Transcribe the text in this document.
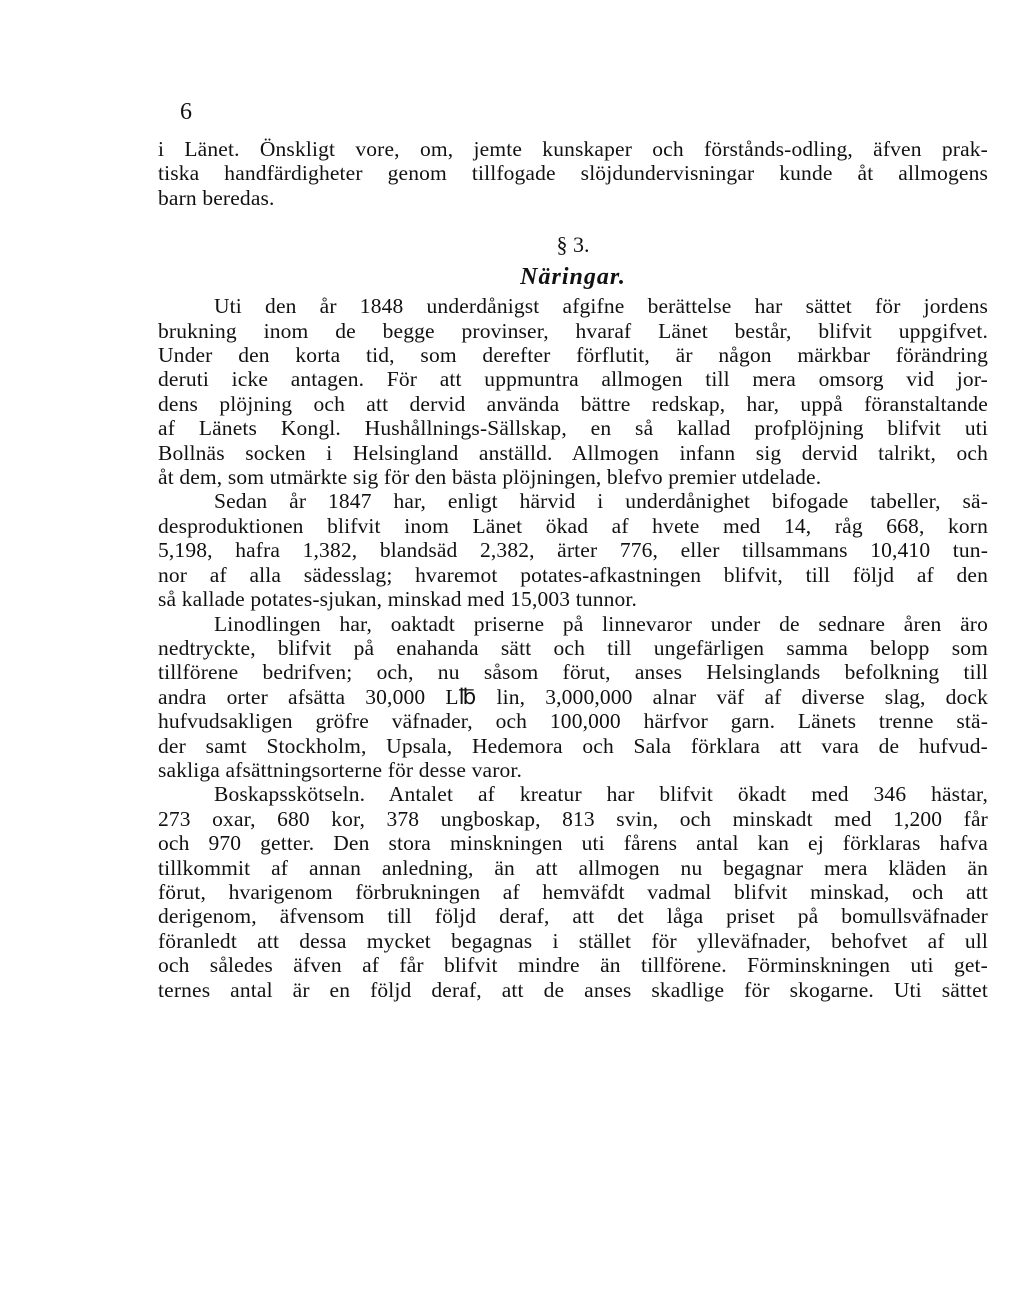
6
i Länet. Önskligt vore, om, jemte kunskaper och förstånds-odling, äfven prak-
tiska handfärdigheter genom tillfogade slöjdundervisningar kunde åt allmogens
barn beredas.
§ 3.
Näringar.
Uti den år 1848 underdånigst afgifne berättelse har sättet för jordens
brukning inom de begge provinser, hvaraf Länet består, blifvit uppgifvet.
Under den korta tid, som derefter förflutit, är någon märkbar förändring
deruti icke antagen. För att uppmuntra allmogen till mera omsorg vid jor-
dens plöjning och att dervid använda bättre redskap, har, uppå föranstaltande
af Länets Kongl. Hushållnings-Sällskap, en så kallad profplöjning blifvit uti
Bollnäs socken i Helsingland anställd. Allmogen infann sig dervid talrikt, och
åt dem, som utmärkte sig för den bästa plöjningen, blefvo premier utdelade.
Sedan år 1847 har, enligt härvid i underdånighet bifogade tabeller, sä-
desproduktionen blifvit inom Länet ökad af hvete med 14, råg 668, korn
5,198, hafra 1,382, blandsäd 2,382, ärter 776, eller tillsammans 10,410 tun-
nor af alla sädesslag; hvaremot potates-afkastningen blifvit, till följd af den
så kallade potates-sjukan, minskad med 15,003 tunnor.
Linodlingen har, oaktadt priserne på linnevaror under de sednare åren äro
nedtryckte, blifvit på enahanda sätt och till ungefärligen samma belopp som
tillförene bedrifven; och, nu såsom förut, anses Helsinglands befolkning till
andra orter afsätta 30,000 L℔ lin, 3,000,000 alnar väf af diverse slag, dock
hufvudsakligen gröfre väfnader, och 100,000 härfvor garn. Länets trenne stä-
der samt Stockholm, Upsala, Hedemora och Sala förklara att vara de hufvud-
sakliga afsättningsorterne för desse varor.
Boskapsskötseln. Antalet af kreatur har blifvit ökadt med 346 hästar,
273 oxar, 680 kor, 378 ungboskap, 813 svin, och minskadt med 1,200 får
och 970 getter. Den stora minskningen uti fårens antal kan ej förklaras hafva
tillkommit af annan anledning, än att allmogen nu begagnar mera kläden än
förut, hvarigenom förbrukningen af hemväfdt vadmal blifvit minskad, och att
derigenom, äfvensom till följd deraf, att det låga priset på bomullsväfnader
föranledt att dessa mycket begagnas i stället för ylleväfnader, behofvet af ull
och således äfven af får blifvit mindre än tillförene. Förminskningen uti get-
ternes antal är en följd deraf, att de anses skadlige för skogarne. Uti sättet
